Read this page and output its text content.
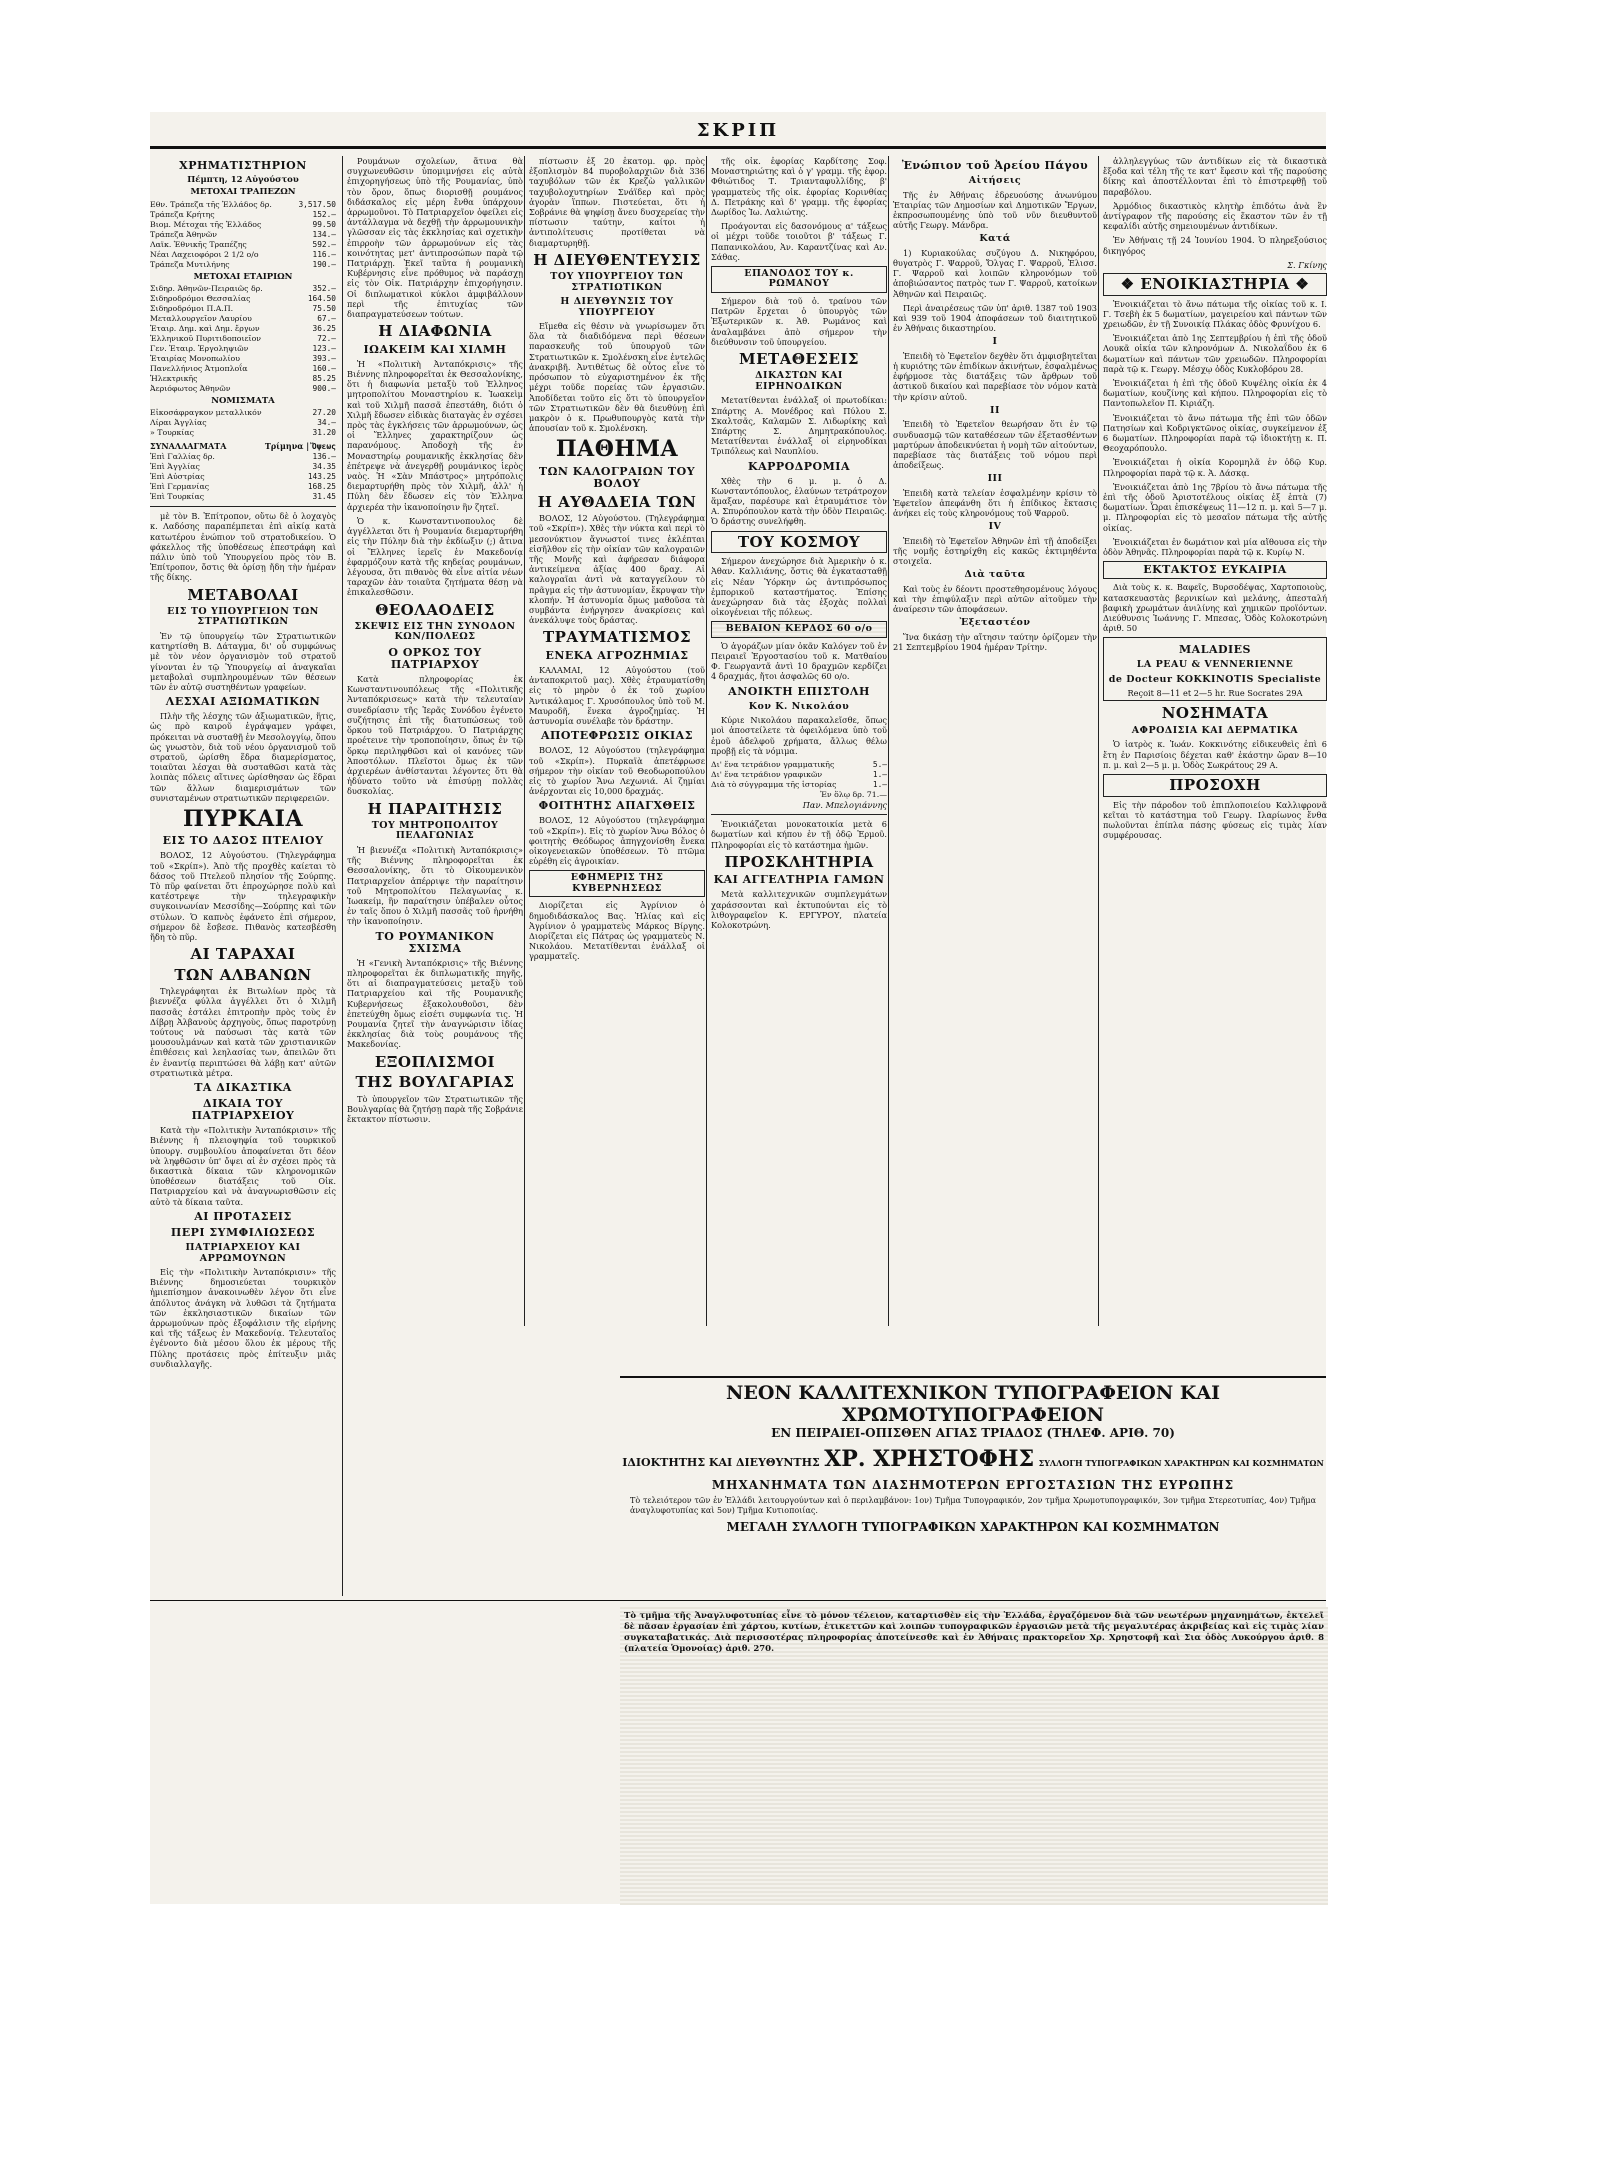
ΣΚΡΙΠ
ΧΡΗΜΑΤΙΣΤΗΡΙΟΝ
Πέμπτη, 12 Αὐγούστου
ΜΕΤΟΧΑΙ ΤΡΑΠΕΖΩΝ
Εθν. Τράπεζα τῆς Ἑλλάδος δρ.	3,517.50
Τράπεζα Κρήτης	152.—
Βιομ. Μέτοχαι τῆς Ἑλλάδος	99.50
Τράπεζα Ἀθηνῶν	134.—
Λαϊκ. Ἐθνικῆς Τραπέζης	592.—
Νέαι Λαχειοφόροι 2 1/2 ο/ο	116.—
Τράπεζα Μυτιλήνης	190.—
ΜΕΤΟΧΑΙ ΕΤΑΙΡΙΩΝ
Σιδηρ. Ἀθηνῶν-Πειραιῶς δρ.	352.—
Σιδηροδρόμοι Θεσσαλίας	164.50
Σιδηροδρόμοι Π.Α.Π.	75.50
Μεταλλουργεῖον Λαυρίου	67.—
Ἑταιρ. Δημ. καὶ Δημ. ἔργων	36.25
Ἑλληνικοῦ Πυριτιδοποιεῖον	72.—
Γεν. Ἑταιρ. Ἐργοληψιῶν	123.—
Ἑταιρίας Μονοπωλίου	393.—
Πανελλήνιος Ἀτμοπλοΐα	160.—
Ἠλεκτρικῆς	85.25
Ἀεριόφωτος Ἀθηνῶν	900.—
ΝΟΜΙΣΜΑΤΑ
Εἰκοσάφραγκον μεταλλικόν	27.20
Λίραι Ἀγγλίας	34.—
» Τουρκίας	31.20
ΣΥΝΑΛΛΑΓΜΑΤΑ	Τρίμηνα | Ὄψεως
Ἐπὶ Γαλλίας δρ.	136.—
Ἐπὶ Ἀγγλίας	34.35
Ἐπὶ Αὐστρίας	143.25
Ἐπὶ Γερμανίας	168.25
Ἐπὶ Τουρκίας	31.45

μὲ τὸν Β. Ἐπίτροπον, οὔτω δὲ ὁ λοχαγὸς κ. Λαδόσης παραπέμπεται ἐπὶ αἰκίᾳ κατὰ κατωτέρου ἐνώπιον τοῦ στρατοδικείου. Ὁ φάκελλος τῆς ὑποθέσεως ἐπεστράφη καὶ πάλιν ὑπὸ τοῦ Ὑπουργείου πρὸς τὸν Β. Ἐπίτροπον, ὅστις θὰ ὁρίσῃ ἤδη τὴν ἡμέραν τῆς δίκης.

ΜΕΤΑΒΟΛΑΙ
ΕΙΣ ΤΟ ΥΠΟΥΡΓΕΙΟΝ ΤΩΝ ΣΤΡΑΤΙΩΤΙΚΩΝ

Ἐν τῷ ὑπουργείῳ τῶν Στρατιωτικῶν κατηρτίσθη Β. Δάταγμα, δι' οὗ συμφώνως μὲ τὸν νέον ὀργανισμὸν τοῦ στρατοῦ γίνονται ἐν τῷ Ὑπουργείῳ αἱ ἀναγκαῖαι μεταβολαὶ συμπληρουμένων τῶν θέσεων τῶν ἐν αὐτῷ συστηθέντων γραφείων.

ΛΕΣΧΑΙ ΑΞΙΩΜΑΤΙΚΩΝ

Πλὴν τῆς λέσχης τῶν ἀξιωματικῶν, ἥτις, ὡς πρὸ καιροῦ ἐγράψαμεν γράφει, πρόκειται νὰ συσταθῇ ἐν Μεσολογγίῳ, ὅπου ὡς γνωστὸν, διὰ τοῦ νέου ὀργανισμοῦ τοῦ στρατοῦ, ὡρίσθη ἕδρα διαμερίσματος, τοιαῦται λέσχαι θὰ συσταθῶσι κατὰ τὰς λοιπὰς πόλεις αἵτινες ὡρίσθησαν ὡς ἕδραι τῶν ἄλλων διαμερισμάτων τῶν συνισταμένων στρατιωτικῶν περιφερειῶν.

ΠΥΡΚΑΙΑ
ΕΙΣ ΤΟ ΔΑΣΟΣ ΠΤΕΛΙΟΥ

ΒΟΛΟΣ, 12 Αὐγούστου. (Τηλεγράφημα τοῦ «Σκρίπ»). Ἀπὸ τῆς προχθὲς καίεται τὸ δάσος τοῦ Πτελεοῦ πλησίον τῆς Σούρπης. Τὸ πῦρ φαίνεται ὅτι ἐπροχώρησε πολὺ καὶ κατέστρεψε τὴν τηλεγραφικὴν συγκοινωνίαν Μεσσίδης—Σούρπης καὶ τῶν στύλων. Ὁ καπνὸς ἐφάνετο ἐπὶ σήμερον, σήμερον δὲ ἔσβεσε. Πιθανὸς κατεσβέσθη ἤδη τὸ πῦρ.

ΑΙ ΤΑΡΑΧΑΙ
ΤΩΝ ΑΛΒΑΝΩΝ

Τηλεγράφηται ἐκ Βιτωλίων πρὸς τὰ βιεννέζα φύλλα ἀγγέλλει ὅτι ὁ Χιλμῆ πασσᾶς ἐστάλει ἐπιτροπὴν πρὸς τοὺς ἐν Δίβρῃ Ἀλβανοὺς ἀρχηγοὺς, ὅπως παροτρύνῃ τούτους νὰ παύσωσι τὰς κατὰ τῶν μουσουλμάνων καὶ κατὰ τῶν χριστιανικῶν ἐπιθέσεις καὶ λεηλασίας των, ἀπειλῶν ὅτι ἐν ἐναντίᾳ περιπτώσει θὰ λάβῃ κατ' αὐτῶν στρατιωτικὰ μέτρα.

ΤΑ ΔΙΚΑΣΤΙΚΑ
ΔΙΚΑΙΑ ΤΟΥ ΠΑΤΡΙΑΡΧΕΙΟΥ

Κατὰ τὴν «Πολιτικὴν Ἀνταπόκρισιν» τῆς Βιέννης ἡ πλειοψηφία τοῦ τουρκικοῦ ὑπουργ. συμβουλίου ἀποφαίνεται ὅτι δέον νὰ ληφθῶσιν ὑπ' ὄψει αἱ ἐν σχέσει πρὸς τὰ δικαστικὰ δίκαια τῶν κληρονομικῶν ὑποθέσεων διατάξεις τοῦ Οἰκ. Πατριαρχείου καὶ νὰ ἀναγνωρισθῶσιν εἰς αὐτὸ τὰ δίκαια ταῦτα.

ΑΙ ΠΡΟΤΑΣΕΙΣ
ΠΕΡΙ ΣΥΜΦΙΛΙΩΣΕΩΣ
ΠΑΤΡΙΑΡΧΕΙΟΥ ΚΑΙ ΑΡΡΩΜΟΥΝΩΝ

Εἰς τὴν «Πολιτικὴν Ἀνταπόκρισιν» τῆς Βιέννης δημοσιεύεται τουρκικὸν ἡμιεπίσημον ἀνακοινωθὲν λέγον ὅτι εἶνε ἀπόλυτος ἀνάγκη νὰ λυθῶσι τὰ ζητήματα τῶν ἐκκλησιαστικῶν δικαίων τῶν ἀρρωμούνων πρὸς ἐξοφάλισιν τῆς εἰρήνης καὶ τῆς τάξεως ἐν Μακεδονίᾳ. Τελευταῖος ἐγένοντο διὰ μέσου ὅλου ἐκ μέρους τῆς Πύλης προτάσεις πρὸς ἐπίτευξιν μιᾶς συνδιαλλαγῆς.

Ρουμάνων σχολείων, ἅτινα θὰ συγχωνευθῶσιν ὑπομιμνῄσει εἰς αὐτὰ ἐπιχορηγήσεως ὑπὸ τῆς Ρουμανίας, ὑπὸ τὸν ὅρον, ὅπως διορισθῇ ρουμάνος διδάσκαλος εἰς μέρη ἔνθα ὑπάρχουν ἀρρωμοῦνοι. Τὸ Πατριαρχεῖον ὀφείλει εἰς ἀντάλλαγμα νὰ δεχθῇ τὴν ἀρρωμουνικὴν γλῶσσαν εἰς τὰς ἐκκλησίας καὶ σχετικὴν ἐπιρροὴν τῶν ἀρρωμούνων εἰς τὰς κοινότητας μετ' ἀντιπροσώπων παρὰ τῷ Πατριάρχῃ. Ἐκεῖ ταῦτα ἡ ρουμανικὴ Κυβέρνησις εἶνε πρόθυμος νὰ παράσχῃ εἰς τὸν Οἰκ. Πατριάρχην ἐπιχορήγησιν. Οἱ διπλωματικοὶ κύκλοι ἀμφιβάλλουν περὶ τῆς ἐπιτυχίας τῶν διαπραγματεύσεων τούτων.

Η ΔΙΑΦΩΝΙΑ
ΙΩΑΚΕΙΜ ΚΑΙ ΧΙΛΜΗ

Ἡ «Πολιτικὴ Ἀνταπόκρισις» τῆς Βιέννης πληροφορεῖται ἐκ Θεσσαλονίκης, ὅτι ἡ διαφωνία μεταξὺ τοῦ Ἑλληνος μητροπολίτου Μοναστηρίου κ. Ἰωακεὶμ καὶ τοῦ Χιλμῆ πασσᾶ ἐπεστάθη, διότι ὁ Χιλμῆ ἔδωσεν εἰδικὰς διαταγὰς ἐν σχέσει πρὸς τὰς ἐγκλήσεις τῶν ἀρρωμούνων, ὡς οἱ Ἕλληνες χαρακτηρίζουν ὡς παρανόμους. Ἀποδοχὴ τῆς ἐν Μοναστηρίῳ ρουμανικῆς ἐκκλησίας δὲν ἐπέτρεψε νὰ ἀνεγερθῇ ρουμάνικος ἱερὸς ναὸς. Ἡ «Σὰν Μπάστρος» μητρόπολις διεμαρτυρήθη πρὸς τὸν Χιλμῆ, ἀλλ' ἡ Πύλη δὲν ἔδωσεν εἰς τὸν Ἑλληνα ἀρχιερέα τὴν ἰκανοποίησιν ἣν ζητεῖ.

Ὁ κ. Κωνσταντινοπουλος δὲ ἀγγέλλεται ὅτι ἡ Ρουμανία διεμαρτυρήθη εἰς τὴν Πύλην διὰ τὴν ἐκδίωξιν (;) ἄτινα οἱ Ἕλληνες ἱερεῖς ἐν Μακεδονίᾳ ἐφαρμόζουν κατὰ τῆς κηδείας ρουμάνων, λέγουσα, ὅτι πιθανὸς θὰ εἶνε αἰτία νέων ταραχῶν ἐὰν τοιαῦτα ζητήματα θέσῃ νὰ ἐπικαλεσθῶσιν.

ΘΕΟΛΑΟΔΕΙΣ
ΣΚΕΨΙΣ ΕΙΣ ΤΗΝ ΣΥΝΟΔΟΝ ΚΩΝ/ΠΟΛΕΩΣ
Ο ΟΡΚΟΣ ΤΟΥ ΠΑΤΡΙΑΡΧΟΥ

Κατὰ πληροφορίας ἐκ Κωνσταντινουπόλεως τῆς «Πολιτικῆς Ἀνταπόκρισεως» κατὰ τὴν τελευταίαν συνεδρίασιν τῆς Ἱερᾶς Συνόδου ἐγένετο συζήτησις ἐπὶ τῆς διατυπώσεως τοῦ ὅρκου τοῦ Πατριάρχου. Ὁ Πατριάρχης προέτεινε τὴν τροποποίησιν, ὅπως ἐν τῷ ὅρκῳ περιληφθῶσι καὶ οἱ κανόνες τῶν Ἀποστόλων. Πλεῖστοι ὅμως ἐκ τῶν ἀρχιερέων ἀνθίστανται λέγοντες ὅτι θὰ ἠδύνατο τοῦτο νὰ ἐπισύρῃ πολλὰς δυσκολίας.

Η ΠΑΡΑΙΤΗΣΙΣ
ΤΟΥ ΜΗΤΡΟΠΟΛΙΤΟΥ ΠΕΛΑΓΩΝΙΑΣ

Ἡ βιεννέζα «Πολιτικὴ Ἀνταπόκρισις» τῆς Βιέννης πληροφορεῖται ἐκ Θεσσαλονίκης, ὅτι τὸ Οἰκουμενικὸν Πατριαρχεῖον ἀπέρριψε τὴν παραίτησιν τοῦ Μητροπολίτου Πελαγωνίας κ. Ἰωακείμ, ἣν παραίτησιν ὑπέβαλεν οὗτος ἐν ταῖς ὅπου ὁ Χιλμῆ πασσᾶς τοῦ ἠρνήθη τὴν ἰκανοποίησιν.

ΤΟ ΡΟΥΜΑΝΙΚΟΝ ΣΧΙΣΜΑ

Ἡ «Γενικὴ Ἀνταπόκρισις» τῆς Βιέννης πληροφορεῖται ἐκ διπλωματικῆς πηγῆς, ὅτι αἱ διαπραγματεύσεις μεταξὺ τοῦ Πατριαρχείου καὶ τῆς Ρουμανικῆς Κυβερνήσεως ἐξακολουθοῦσι, δὲν ἐπετεύχθη ὅμως εἰσέτι συμφωνία τις. Ἡ Ρουμανία ζητεῖ τὴν ἀναγνώρισιν ἰδίας ἐκκλησίας διὰ τοὺς ρουμάνους τῆς Μακεδονίας.

ΕΞΟΠΛΙΣΜΟΙ
ΤΗΣ ΒΟΥΛΓΑΡΙΑΣ

Τὸ ὑπουργεῖον τῶν Στρατιωτικῶν τῆς Βουλγαρίας θὰ ζητήσῃ παρὰ τῆς Σοβράνιε ἔκτακτον πίστωσιν.

πίστωσιν ἐξ 20 ἑκατομ. φρ. πρὸς ἐξοπλισμὸν 84 πυροβολαρχιῶν διὰ 336 ταχυβόλων τῶν ἐκ Κρεζὼ γαλλικῶν ταχυβολοχυτηρίων Σνάϊδερ καὶ πρὸς ἀγορὰν ἵππων. Πιστεύεται, ὅτι ἡ Σοβράνιε θὰ ψηφίσῃ ἄνευ δυσχερείας τὴν πίστωσιν ταύτην, καίτοι ἡ ἀντιπολίτευσις προτίθεται νὰ διαμαρτυρηθῇ.

Η ΔΙΕΥΘΕΝΤΕΥΣΙΣ
ΤΟΥ ΥΠΟΥΡΓΕΙΟΥ ΤΩΝ ΣΤΡΑΤΙΩΤΙΚΩΝ
Η ΔΙΕΥΘΥΝΣΙΣ ΤΟΥ ΥΠΟΥΡΓΕΙΟΥ

Εἴμεθα εἰς θέσιν νὰ γνωρίσωμεν ὅτι ὅλα τὰ διαδιδόμενα περὶ θέσεων παρασκευῆς τοῦ ὑπουργοῦ τῶν Στρατιωτικῶν κ. Σμολένσκη εἶνε ἐντελῶς ἀνακριβῆ. Ἀντιθέτως δὲ οὗτος εἶνε τὸ πρόσωπον τὸ εὐχαριστημένον ἐκ τῆς μέχρι τοῦδε πορείας τῶν ἐργασιῶν. Ἀποδίδεται τοῦτο εἰς ὅτι τὸ ὑπουργεῖον τῶν Στρατιωτικῶν δὲν θὰ διευθύνῃ ἐπὶ μακρὸν ὁ κ. Πρωθυπουργὸς κατὰ τὴν ἀπουσίαν τοῦ κ. Σμολένσκη.

ΠΑΘΗΜΑ
ΤΩΝ ΚΑΛΟΓΡΑΙΩΝ ΤΟΥ ΒΟΛΟΥ
Η ΑΥΘΑΔΕΙΑ ΤΩΝ

ΒΟΛΟΣ, 12 Αὐγούστου. (Τηλεγράφημα τοῦ «Σκρίπ»). Χθὲς τὴν νύκτα καὶ περὶ τὸ μεσονύκτιον ἄγνωστοί τινες ἐκλέπται εἰσῆλθον εἰς τὴν οἰκίαν τῶν καλογραιῶν τῆς Μονῆς καὶ ἀφήρεσαν διάφορα ἀντικείμενα ἀξίας 400 δραχ. Αἱ καλογραῖαι ἀντὶ νὰ καταγγείλουν τὸ πρᾶγμα εἰς τὴν ἀστυνομίαν, ἔκρυψαν τὴν κλοπήν. Ἡ ἀστυνομία ὅμως μαθοῦσα τὰ συμβάντα ἐνήργησεν ἀνακρίσεις καὶ ἀνεκάλυψε τοὺς δράστας.

ΤΡΑΥΜΑΤΙΣΜΟΣ
ΕΝΕΚΑ ΑΓΡΟΖΗΜΙΑΣ

ΚΑΛΑΜΑΙ, 12 Αὐγούστου (τοῦ ἀνταποκριτοῦ μας). Χθὲς ἐτραυματίσθη εἰς τὸ μηρὸν ὁ ἐκ τοῦ χωρίου Ἀντικάλαμος Γ. Χρυσόπουλος ὑπὸ τοῦ Μ. Μαυροδῆ, ἕνεκα ἀγροζημίας. Ἡ ἀστυνομία συνέλαβε τὸν δράστην.

ΑΠΟΤΕΦΡΩΣΙΣ ΟΙΚΙΑΣ

ΒΟΛΟΣ, 12 Αὐγούστου (τηλεγράφημα τοῦ «Σκρίπ»). Πυρκαϊὰ ἀπετέφρωσε σήμερον τὴν οἰκίαν τοῦ Θεοδωροπούλου εἰς τὸ χωρίον Ἄνω Λεχωνιά. Αἱ ζημίαι ἀνέρχονται εἰς 10,000 δραχμάς.

ΦΟΙΤΗΤΗΣ ΑΠΑΓΧΘΕΙΣ

ΒΟΛΟΣ, 12 Αὐγούστου (τηλεγράφημα τοῦ «Σκρίπ»). Εἰς τὸ χωρίον Ἄνω Βόλος ὁ φοιτητὴς Θεόδωρος ἀπηγχονίσθη ἕνεκα οἰκογενειακῶν ὑποθέσεων. Τὸ πτῶμα εὑρέθη εἰς ἀγροικίαν.

ΕΦΗΜΕΡΙΣ ΤΗΣ ΚΥΒΕΡΝΗΣΕΩΣ

Διορίζεται εἰς Ἀγρίνιον ὁ δημοδιδάσκαλος Βας. Ἠλίας καὶ εἰς Ἀγρίνιον ὁ γραμματεὺς Μάρκος Βίργης. Διορίζεται εἰς Πάτρας ὡς γραμματεὺς Ν. Νικολάου. Μετατίθενται ἐνάλλαξ οἱ γραμματεῖς.

τῆς οἰκ. ἐφορίας Καρδίτσης Σοφ. Μοναστηριώτης καὶ ὁ γ' γραμμ. τῆς ἐφορ. Φθιώτιδος Τ. Τριανταφυλλίδης, β' γραμματεὺς τῆς οἰκ. ἐφορίας Κορινθίας Δ. Πετράκης καὶ δ' γραμμ. τῆς ἐφορίας Δωρίδος Ἰω. Λαλιώτης.

Προάγονται εἰς δασονόμους α' τάξεως οἱ μέχρι τοῦδε τοιοῦτοι β' τάξεως Γ. Παπανικολάου, Ἀν. Καραντζίνας καὶ Αν. Σάθας.

ΕΠΑΝΟΔΟΣ ΤΟΥ κ. ΡΩΜΑΝΟΥ

Σήμερον διὰ τοῦ ὁ. τραίνου τῶν Πατρῶν ἔρχεται ὁ ὑπουργὸς τῶν Ἐξωτερικῶν κ. Ἀθ. Ρωμάνος καὶ ἀναλαμβάνει ἀπὸ σήμερον τὴν διεύθυνσιν τοῦ ὑπουργείου.

ΜΕΤΑΘΕΣΕΙΣ
ΔΙΚΑΣΤΩΝ ΚΑΙ ΕΙΡΗΝΟΔΙΚΩΝ

Μετατίθενται ἐνάλλαξ οἱ πρωτοδίκαι: Σπάρτης Α. Μονέδρος καὶ Πύλου Σ. Σκαλτσᾶς, Καλαμῶν Σ. Λιδωρίκης καὶ Σπάρτης Σ. Δημητρακόπουλος. Μετατίθενται ἐνάλλαξ οἱ εἰρηνοδίκαι Τριπόλεως καὶ Ναυπλίου.

ΚΑΡΡΟΔΡΟΜΙΑ

Χθὲς τὴν 6 μ. μ. ὁ Δ. Κωνσταντόπουλος, ἐλαύνων τετράτροχον ἅμαξαν, παρέσυρε καὶ ἐτραυμάτισε τὸν Α. Σπυρόπουλον κατὰ τὴν ὁδὸν Πειραιῶς. Ὁ δράστης συνελήφθη.

ΤΟΥ ΚΟΣΜΟΥ

Σήμερον ἀνεχώρησε διὰ Ἀμερικὴν ὁ κ. Ἀθαν. Καλλιάνης, ὅστις θὰ ἐγκατασταθῇ εἰς Νέαν Ὑόρκην ὡς ἀντιπρόσωπος ἐμπορικοῦ καταστήματος. Ἐπίσης ἀνεχώρησαν διὰ τὰς ἐξοχὰς πολλαὶ οἰκογένειαι τῆς πόλεως.

ΒΕΒΑΙΟΝ ΚΕΡΔΟΣ 60 ο/ο

Ὁ ἀγοράζων μίαν ὁκᾶν Καλόγεν τοῦ ἐν Πειραιεῖ Ἐργοστασίου τοῦ κ. Ματθαίου Φ. Γεωργαντᾶ ἀντὶ 10 δραχμῶν κερδίζει 4 δραχμάς, ἤτοι ἀσφαλῶς 60 ο/ο.

ΑΝΟΙΚΤΗ ΕΠΙΣΤΟΛΗ
Κον Κ. Νικολάου

Κύριε Νικολάου παρακαλεῖσθε, ὅπως μοὶ ἀποστείλετε τὰ ὀφειλόμενα ὑπὸ τοῦ ἐμοῦ ἀδελφοῦ χρήματα, ἄλλως θέλω προβῇ εἰς τὰ νόμιμα.

Δι' ἕνα τετράδιον γραμματικῆς	5.—
Δι' ἕνα τετράδιον γραφικῶν	1.—
Διὰ τὸ σύγγραμμα τῆς ἱστορίας	1.—
Ἐν ὅλῳ δρ. 71.—
Παν. Μπελογιάννης

Ἐνοικιάζεται μονοκατοικία μετὰ 6 δωματίων καὶ κήπου ἐν τῇ ὁδῷ Ἐρμοῦ. Πληροφορίαι εἰς τὸ κατάστημα ἡμῶν.

ΠΡΟΣΚΛΗΤΗΡΙΑ
ΚΑΙ ΑΓΓΕΛΤΗΡΙΑ ΓΑΜΩΝ

Μετὰ καλλιτεχνικῶν συμπλεγμάτων χαράσσονται καὶ ἐκτυπούνται εἰς τὸ λιθογραφεῖον Κ. ΕΡΓΥΡΟΥ, πλατεία Κολοκοτρώνη.

Ἐνώπιον τοῦ Ἀρείου Πάγου
Αἰτήσεις

Τῆς ἐν Ἀθήναις ἑδρευούσης ἀνωνύμου Ἑταιρίας τῶν Δημοσίων καὶ Δημοτικῶν Ἔργων, ἐκπροσωπουμένης ὑπὸ τοῦ νῦν διευθυντοῦ αὐτῆς Γεωργ. Μάνδρα.

Κατά

1) Κυριακούλας συζύγου Δ. Νικηφόρου, θυγατρὸς Γ. Ψαρροῦ, Ὄλγας Γ. Ψαρροῦ, Ἐλισσ. Γ. Ψαρροῦ καὶ λοιπῶν κληρονόμων τοῦ ἀποβιώσαντος πατρὸς των Γ. Ψαρροῦ, κατοίκων Ἀθηνῶν καὶ Πειραιῶς.

Περὶ ἀναιρέσεως τῶν ὑπ' ἀριθ. 1387 τοῦ 1903 καὶ 939 τοῦ 1904 ἀποφάσεων τοῦ διαιτητικοῦ ἐν Ἀθήναις δικαστηρίου.

Ι

Ἐπειδὴ τὸ Ἐφετεῖον δεχθὲν ὅτι ἀμφισβητεῖται ἡ κυριότης τῶν ἐπιδίκων ἀκινήτων, ἐσφαλμένως ἐφήρμοσε τὰς διατάξεις τῶν ἄρθρων τοῦ ἀστικοῦ δικαίου καὶ παρεβίασε τὸν νόμον κατὰ τὴν κρίσιν αὐτοῦ.

ΙΙ

Ἐπειδὴ τὸ Ἐφετεῖον θεωρήσαν ὅτι ἐν τῷ συνδυασμῷ τῶν καταθέσεων τῶν ἐξετασθέντων μαρτύρων ἀποδεικνύεται ἡ νομὴ τῶν αἰτούντων, παρεβίασε τὰς διατάξεις τοῦ νόμου περὶ ἀποδείξεως.

ΙΙΙ

Ἐπειδὴ κατὰ τελείαν ἐσφαλμένην κρίσιν τὸ Ἐφετεῖον ἀπεφάνθη ὅτι ἡ ἐπίδικος ἔκτασις ἀνήκει εἰς τοὺς κληρονόμους τοῦ Ψαρροῦ.

ΙV

Ἐπειδὴ τὸ Ἐφετεῖον Ἀθηνῶν ἐπὶ τῇ ἀποδείξει τῆς νομῆς ἐστηρίχθη εἰς κακῶς ἐκτιμηθέντα στοιχεῖα.

Διὰ ταῦτα

Καὶ τοὺς ἐν δέοντι προστεθησομένους λόγους καὶ τὴν ἐπιφύλαξιν περὶ αὐτῶν αἰτοῦμεν τὴν ἀναίρεσιν τῶν ἀποφάσεων.

Ἐξεταστέον

Ἵνα δικάσῃ τὴν αἴτησιν ταύτην ὁρίζομεν τὴν 21 Σεπτεμβρίου 1904 ἡμέραν Τρίτην.

ἀλληλεγγύως τῶν ἀντιδίκων εἰς τὰ δικαστικὰ ἔξοδα καὶ τέλη τῆς τε κατ' ἔφεσιν καὶ τῆς παρούσης δίκης καὶ ἀποστέλλονται ἐπὶ τὸ ἐπιστρεφθῇ τοῦ παραβόλου.

Ἀρμόδιος δικαστικὸς κλητὴρ ἐπιδότω ἀνὰ ἓν ἀντίγραφον τῆς παρούσης εἰς ἕκαστον τῶν ἐν τῇ κεφαλίδι αὐτῆς σημειουμένων ἀντιδίκων.

Ἐν Ἀθήναις τῇ 24 Ἰουνίου 1904. Ὁ πληρεξούσιος δικηγόρος

Σ. Γκίνης
❖ ΕΝΟΙΚΙΑΣΤΗΡΙΑ ❖

Ἐνοικιάζεται τὸ ἄνω πάτωμα τῆς οἰκίας τοῦ κ. Ι. Γ. Τσεβὴ ἐκ 5 δωματίων, μαγειρείου καὶ πάντων τῶν χρειωδῶν, ἐν τῇ Συνοικίᾳ Πλάκας ὁδὸς Φρυνίχου 6.

Ἐνοικιάζεται ἀπὸ 1ης Σεπτεμβρίου ἡ ἐπὶ τῆς ὁδοῦ Λουκᾶ οἰκία τῶν κληρονόμων Δ. Νικολαΐδου ἐκ 6 δωματίων καὶ πάντων τῶν χρειωδῶν. Πληροφορίαι παρὰ τῷ κ. Γεωργ. Μέσχῳ ὁδὸς Κυκλοβόρου 28.

Ἐνοικιάζεται ἡ ἐπὶ τῆς ὁδοῦ Κυψέλης οἰκία ἐκ 4 δωματίων, κουζίνης καὶ κήπου. Πληροφορίαι εἰς τὸ Παντοπωλεῖον Π. Κιριάζη.

Ἐνοικιάζεται τὸ ἄνω πάτωμα τῆς ἐπὶ τῶν ὁδῶν Πατησίων καὶ Κοδριγκτῶνος οἰκίας, συγκείμενον ἐξ 6 δωματίων. Πληροφορίαι παρὰ τῷ ἰδιοκτήτῃ κ. Π. Θεοχαρόπουλο.

Ἐνοικιάζεται ἡ οἰκία Κορομηλᾶ ἐν ὁδῷ Κυρ. Πληροφορίαι παρὰ τῷ κ. Ἀ. Δάσκᾳ.

Ἐνοικιάζεται ἀπὸ 1ης 7βρίου τὸ ἄνω πάτωμα τῆς ἐπὶ τῆς ὁδοῦ Ἀριστοτέλους οἰκίας ἐξ ἑπτὰ (7) δωματίων. Ὧραι ἐπισκέψεως 11—12 π. μ. καὶ 5—7 μ. μ. Πληροφορίαι εἰς τὸ μεσαῖον πάτωμα τῆς αὐτῆς οἰκίας.

Ἐνοικιάζεται ἐν δωμάτιον καὶ μία αἴθουσα εἰς τὴν ὁδὸν Ἀθηνᾶς. Πληροφορίαι παρὰ τῷ κ. Κυρίῳ Ν.

ΕΚΤΑΚΤΟΣ ΕΥΚΑΙΡΙΑ

Διὰ τοὺς κ. κ. Βαφεῖς, Βυρσοδέψας, Χαρτοποιοὺς, κατασκευαστὰς βερνικίων καὶ μελάνης, ἀπεσταλή βαφικὴ χρωμάτων ἀνιλίνης καὶ χημικῶν προϊόντων. Διεύθυνσις Ἰωάννης Γ. Μπεσας, Ὁδὸς Κολοκοτρώνη ἀριθ. 50

MALADIES
LA PEAU & VENNERIENNE
de Docteur KOKKINOTIS Specialiste
Reçoit 8—11 et 2—5 hr. Rue Socrates 29A
ΝΟΣΗΜΑΤΑ
ΑΦΡΟΔΙΣΙΑ ΚΑΙ ΔΕΡΜΑΤΙΚΑ

Ὁ ἰατρὸς κ. Ἰωάν. Κοκκινότης εἰδικευθεὶς ἐπὶ 6 ἔτη ἐν Παρισίοις δέχεται καθ' ἑκάστην ὥραν 8—10 π. μ. καὶ 2—5 μ. μ. Ὁδὸς Σωκράτους 29 Α.

ΠΡΟΣΟΧΗ

Εἰς τὴν πάροδον τοῦ ἐπιπλοποιείου Καλλιφρονᾶ κεῖται τὸ κατάστημα τοῦ Γεωργ. Ιλαρίωνος ἔνθα πωλοῦνται ἐπίπλα πάσης φύσεως εἰς τιμὰς λίαν συμφέρουσας.

ΝΕΟΝ ΚΑΛΛΙΤΕΧΝΙΚΟΝ ΤΥΠΟΓΡΑΦΕΙΟΝ ΚΑΙ ΧΡΩΜΟΤΥΠΟΓΡΑΦΕΙΟΝ
ΕΝ ΠΕΙΡΑΙΕΙ-ΟΠΙΣΘΕΝ ΑΓΙΑΣ ΤΡΙΑΔΟΣ (ΤΗΛΕΦ. ΑΡΙΘ. 70)
ΙΔΙΟΚΤΗΤΗΣ ΚΑΙ ΔΙΕΥΘΥΝΤΗΣ ΧΡ. ΧΡΗΣΤΟΦΗΣ ΣΥΛΛΟΓΗ ΤΥΠΟΓΡΑΦΙΚΩΝ ΧΑΡΑΚΤΗΡΩΝ ΚΑΙ ΚΟΣΜΗΜΑΤΩΝ
ΜΗΧΑΝΗΜΑΤΑ ΤΩΝ ΔΙΑΣΗΜΟΤΕΡΩΝ ΕΡΓΟΣΤΑΣΙΩΝ ΤΗΣ ΕΥΡΩΠΗΣ
Τὸ τελειότερον τῶν ἐν Ἑλλάδι λειτουργούντων καὶ ὁ περιλαμβάνον: 1ον) Τμῆμα Τυπογραφικόν, 2ον τμῆμα Χρωμοτυπογραφικόν, 3ον τμῆμα Στερεοτυπίας, 4ον) Τμῆμα ἀναγλυφοτυπίας καὶ 5ον) Τμῆμα Κυτιοποιίας.
ΜΕΓΑΛΗ ΣΥΛΛΟΓΗ ΤΥΠΟΓΡΑΦΙΚΩΝ ΧΑΡΑΚΤΗΡΩΝ ΚΑΙ ΚΟΣΜΗΜΑΤΩΝ
Τὸ τμῆμα τῆς Ἀναγλυφοτυπίας εἶνε τὸ μόνον τέλειον, καταρτισθὲν εἰς τὴν Ἑλλάδα, ἐργαζόμενον διὰ τῶν νεωτέρων μηχανημάτων, ἐκτελεῖ δὲ πᾶσαν ἐργασίαν ἐπὶ χάρτου, κυτίων, ἐτικεττῶν καὶ λοιπῶν τυπογραφικῶν ἐργασιῶν μετὰ τῆς μεγαλυτέρας ἀκριβείας καὶ εἰς τιμὰς λίαν συγκαταβατικάς. Διὰ περισσοτέρας πληροφορίας ἀποτείνεσθε καὶ ἐν Ἀθήναις πρακτορεῖον Χρ. Χρηστοφῆ καὶ Σια ὁδὸς Λυκούργου ἀριθ. 8 (πλατεία Ὁμονοίας) ἀριθ. 270.
